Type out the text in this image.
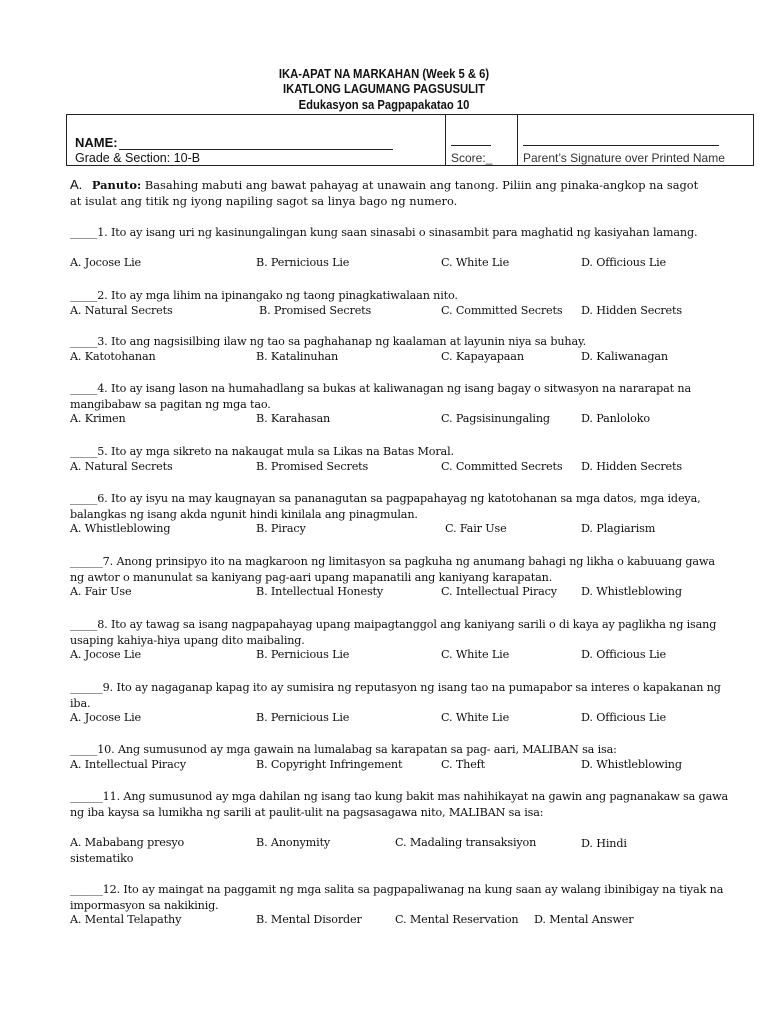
IKA-APAT NA MARKAHAN (Week 5 & 6)
IKATLONG LAGUMANG PAGSUSULIT
Edukasyon sa Pagpapakatao 10
NAME:
Grade & Section: 10-B	Score:_	Parent’s Signature over Printed Name
A. Panuto: Basahing mabuti ang bawat pahayag at unawain ang tanong. Piliin ang pinaka-angkop na sagot at isulat ang titik ng iyong napiling sagot sa linya bago ng numero.
_____1. Ito ay isang uri ng kasinungalingan kung saan sinasabi o sinasambit para maghatid ng kasiyahan lamang.
A. Jocose Lie	B. Pernicious Lie	C. White Lie	D. Officious Lie
_____2. Ito ay mga lihim na ipinangako ng taong pinagkatiwalaan nito.
A. Natural Secrets	B. Promised Secrets	C. Committed Secrets D. Hidden Secrets
_____3. Ito ang nagsisilbing ilaw ng tao sa paghahanap ng kaalaman at layunin niya sa buhay.
A. Katotohanan	B. Katalinuhan	C. Kapayapaan	D. Kaliwanagan
_____4. Ito ay isang lason na humahadlang sa bukas at kaliwanagan ng isang bagay o sitwasyon na nararapat na mangibabaw sa pagitan ng mga tao.
A. Krimen	B. Karahasan	C. Pagsisinungaling	D. Panloloko
_____5. Ito ay mga sikreto na nakaugat mula sa Likas na Batas Moral.
A. Natural Secrets	B. Promised Secrets	C. Committed Secrets D. Hidden Secrets
_____6. Ito ay isyu na may kaugnayan sa pananagutan sa pagpapahayag ng katotohanan sa mga datos, mga ideya, balangkas ng isang akda ngunit hindi kinilala ang pinagmulan.
A. Whistleblowing	B. Piracy	C. Fair Use	D. Plagiarism
______7. Anong prinsipyo ito na magkaroon ng limitasyon sa pagkuha ng anumang bahagi ng likha o kabuuang gawa ng awtor o manunulat sa kaniyang pag-aari upang mapanatili ang kaniyang karapatan.
A. Fair Use	B. Intellectual Honesty	C. Intellectual Piracy D. Whistleblowing
_____8. Ito ay tawag sa isang nagpapahayag upang maipagtanggol ang kaniyang sarili o di kaya ay paglikha ng isang usaping kahiya-hiya upang dito maibaling.
A. Jocose Lie	B. Pernicious Lie	C. White Lie	D. Officious Lie
______9. Ito ay nagaganap kapag ito ay sumisira ng reputasyon ng isang tao na pumapabor sa interes o kapakanan ng iba.
A. Jocose Lie	B. Pernicious Lie	C. White Lie	D. Officious Lie
_____10. Ang sumusunod ay mga gawain na lumalabag sa karapatan sa pag- aari, MALIBAN sa isa:
A. Intellectual Piracy	B. Copyright Infringement	C. Theft	D. Whistleblowing
______11. Ang sumusunod ay mga dahilan ng isang tao kung bakit mas nahihikayat na gawin ang pagnanakaw sa gawa ng iba kaysa sa lumikha ng sarili at paulit-ulit na pagsasagawa nito, MALIBAN sa isa:
A. Mababang presyo	B. Anonymity	C. Madaling transaksiyon	D. Hindi
______12. Ito ay maingat na paggamit ng mga salita sa pagpapaliwanag na kung saan ay walang ibinibigay na tiyak na impormasyon sa nakikinig.
A. Mental Telapathy	B. Mental Disorder	C. Mental Reservation D. Mental Answer
sistematiko
